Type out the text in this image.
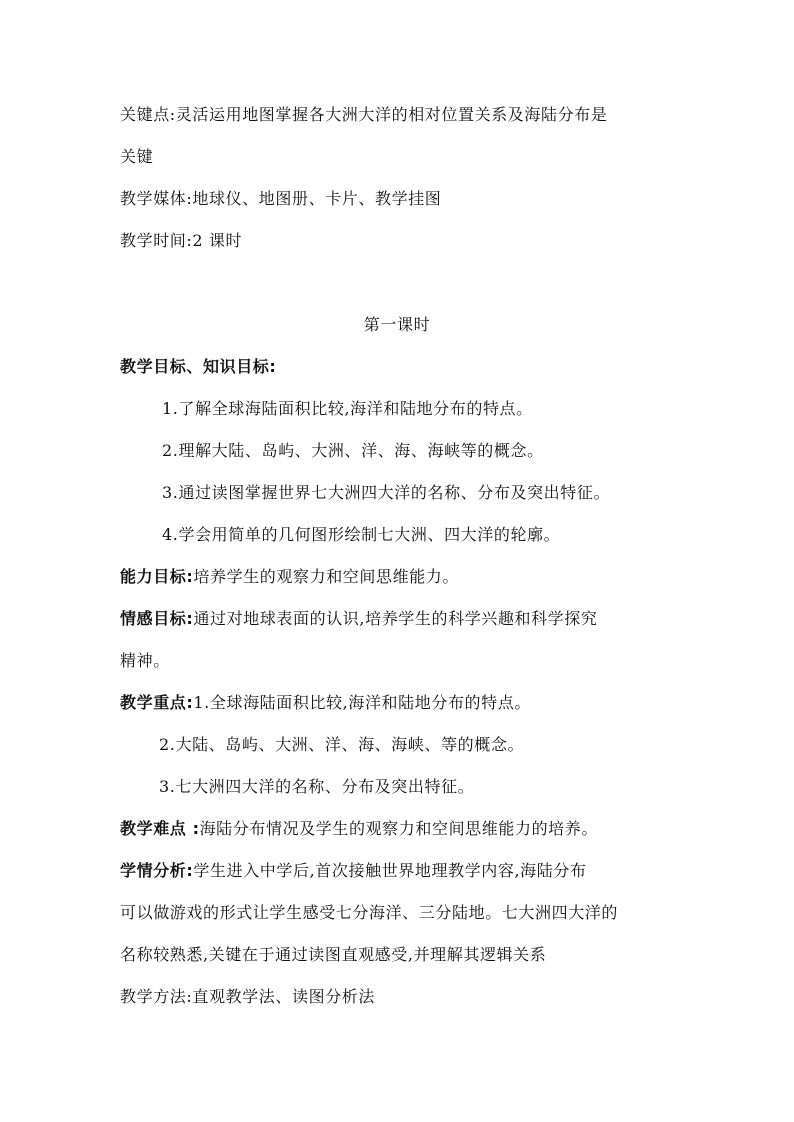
关键点:灵活运用地图掌握各大洲大洋的相对位置关系及海陆分布是
关键
教学媒体:地球仪、地图册、卡片、教学挂图
教学时间:2 课时
第一课时
教学目标、知识目标:
1.了解全球海陆面积比较,海洋和陆地分布的特点。
2.理解大陆、岛屿、大洲、洋、海、海峡等的概念。
3.通过读图掌握世界七大洲四大洋的名称、分布及突出特征。
4.学会用简单的几何图形绘制七大洲、四大洋的轮廓。
能力目标:培养学生的观察力和空间思维能力。
情感目标:通过对地球表面的认识,培养学生的科学兴趣和科学探究
精神。
教学重点:1.全球海陆面积比较,海洋和陆地分布的特点。
2.大陆、岛屿、大洲、洋、海、海峡、等的概念。
3.七大洲四大洋的名称、分布及突出特征。
教学难点 :海陆分布情况及学生的观察力和空间思维能力的培养。
学情分析:学生进入中学后,首次接触世界地理教学内容,海陆分布
可以做游戏的形式让学生感受七分海洋、三分陆地。七大洲四大洋的
名称较熟悉,关键在于通过读图直观感受,并理解其逻辑关系
教学方法:直观教学法、读图分析法
